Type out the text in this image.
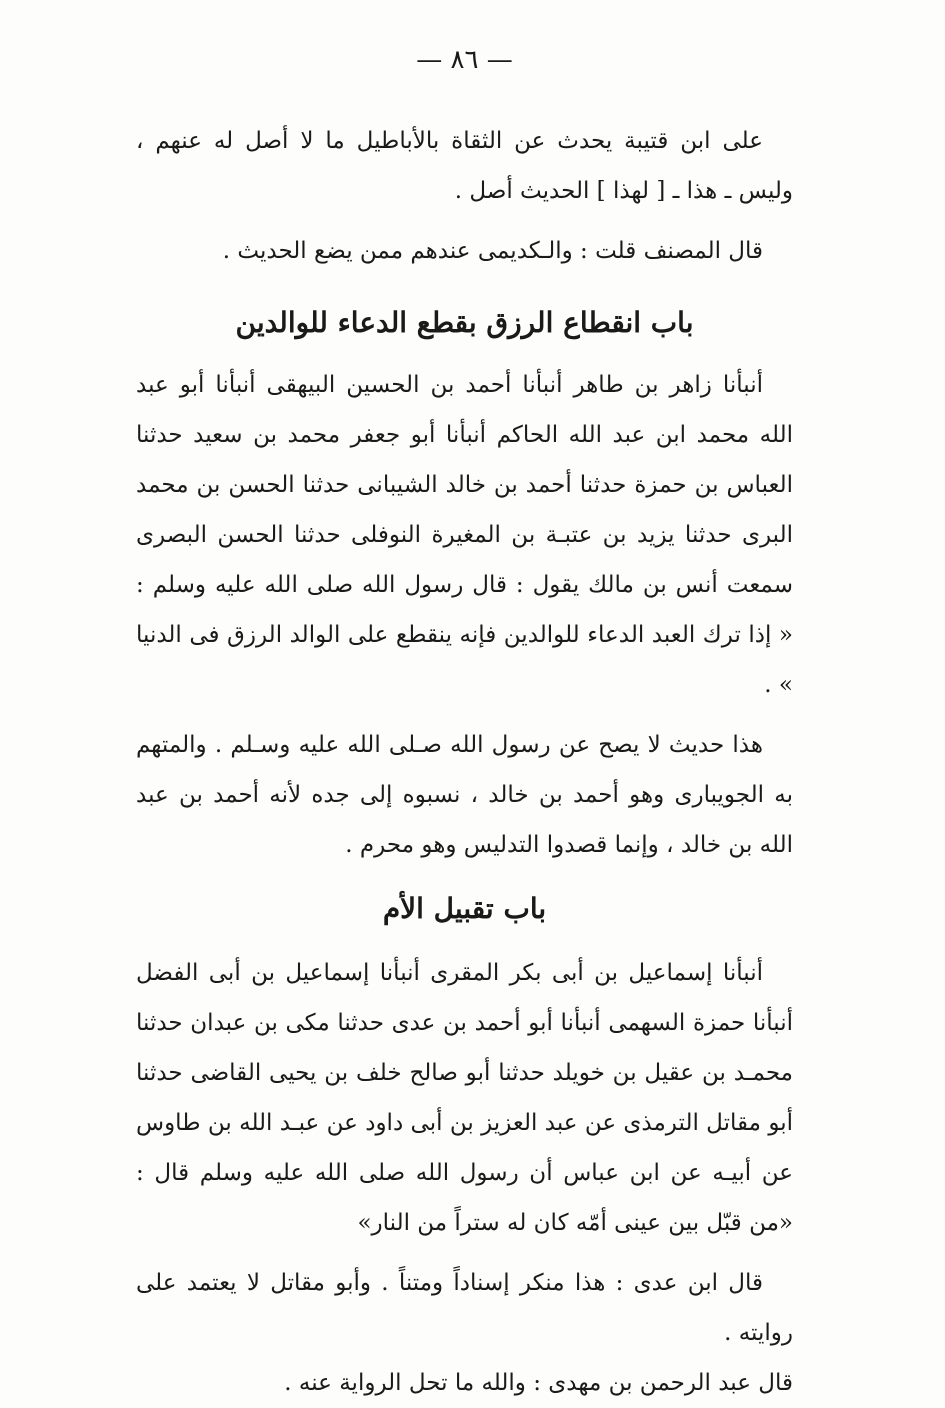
— ٨٦ —

على ابن قتيبة يحدث عن الثقاة بالأباطيل ما لا أصل له عنهم ، وليس ـ هذا ـ [ لهذا ] الحديث أصل .

قال المصنف قلت : والـكديمى عندهم ممن يضع الحديث .

باب انقطاع الرزق بقطع الدعاء للوالدين

أنبأنا زاهر بن طاهر أنبأنا أحمد بن الحسين البيهقى أنبأنا أبو عبد الله محمد ابن عبد الله الحاكم أنبأنا أبو جعفر محمد بن سعيد حدثنا العباس بن حمزة حدثنا أحمد بن خالد الشيبانى حدثنا الحسن بن محمد البرى حدثنا يزيد بن عتبـة بن المغيرة النوفلى حدثنا الحسن البصرى سمعت أنس بن مالك يقول : قال رسول الله صلى الله عليه وسلم : « إذا ترك العبد الدعاء للوالدين فإنه ينقطع على الوالد الرزق فى الدنيا » .

هذا حديث لا يصح عن رسول الله صـلى الله عليه وسـلم . والمتهم به الجويبارى وهو أحمد بن خالد ، نسبوه إلى جده لأنه أحمد بن عبد الله بن خالد ، وإنما قصدوا التدليس وهو محرم .

باب تقبيل الأم

أنبأنا إسماعيل بن أبى بكر المقرى أنبأنا إسماعيل بن أبى الفضل أنبأنا حمزة السهمى أنبأنا أبو أحمد بن عدى حدثنا مكى بن عبدان حدثنا محمـد بن عقيل بن خويلد حدثنا أبو صالح خلف بن يحيى القاضى حدثنا أبو مقاتل الترمذى عن عبد العزيز بن أبى داود عن عبـد الله بن طاوس عن أبيـه عن ابن عباس أن رسول الله صلى الله عليه وسلم قال : «من قبّل بين عينى أمّه كان له ستراً من النار»

قال ابن عدى : هذا منكر إسناداً ومتناً . وأبو مقاتل لا يعتمد على روايته .

قال عبد الرحمن بن مهدى : والله ما تحل الرواية عنه .
